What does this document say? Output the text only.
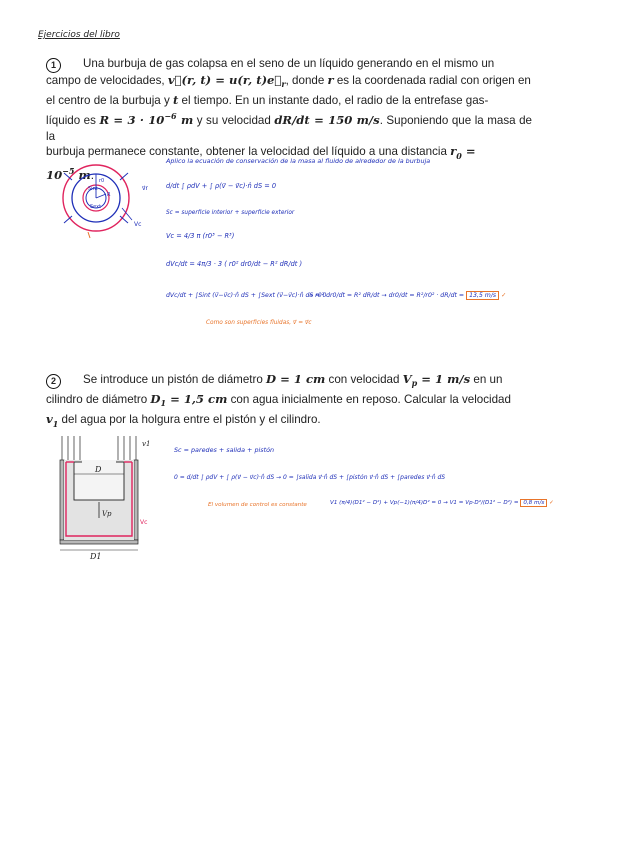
Ejercicios del libro
1 Una burbuja de gas colapsa en el seno de un líquido generando en el mismo un
campo de velocidades, v⃗(r, t) = u(r, $t)e⃗_r$, donde r es la coordenada radial con origen en
el centro de la burbuja y t el tiempo. En un instante dado, el radio de la entrefase gas-
líquido es $R = 3 \cdot 10^{-6}$ m y su velocidad dR/dt = 150 m/s. Suponiendo que la masa de la
burbuja permanece constante, obtener la velocidad del líquido a una distancia $r_0$ =
$10^{-5}$ m.
Sint
Sext
r0
R
v⃗r
Vc
Aplico la ecuación de conservación de la masa al fluido de alrededor de la burbuja
d/dt ∫ ρdV + ∫ ρ(v⃗ − v⃗c)·n̂ dS = 0
Sc = superficie interior + superficie exterior
Vc = 4/3 π (r0³ − R³)
dVc/dt = 4π/3 · 3 ( r0² dr0/dt − R² dR/dt )
dVc/dt + ∫Sint (v⃗−v⃗c)·n̂ dS + ∫Sext (v⃗−v⃗c)·n̂ dS = 0
→ r0² dr0/dt = R² dR/dt → dr0/dt = R²/r0² · dR/dt = 13,5 m/s ✓
Como son superficies fluidas, v⃗ = v⃗c
2 Se introduce un pistón de diámetro D = 1 cm con velocidad $V_p = 1$ m/s en un
cilindro de diámetro $D_1 = 1,5$ cm con agua inicialmente en reposo. Calcular la velocidad
$v_1$ del agua por la holgura entre el pistón y el cilindro.
D
Vp
v1
D1
Vc
Sc = paredes + salida + pistón
0 = d/dt ∫ ρdV + ∫ ρ(v⃗ − v⃗c)·n̂ dS → 0 = ∫salida v⃗·n̂ dS + ∫pistón v⃗·n̂ dS + ∫paredes v⃗·n̂ dS
El volumen de control es constante	V1 (π/4)(D1² − D²) + Vp(−1)(π/4)D² = 0 → V1 = Vp·D²/(D1² − D²) = 0,8 m/s ✓
